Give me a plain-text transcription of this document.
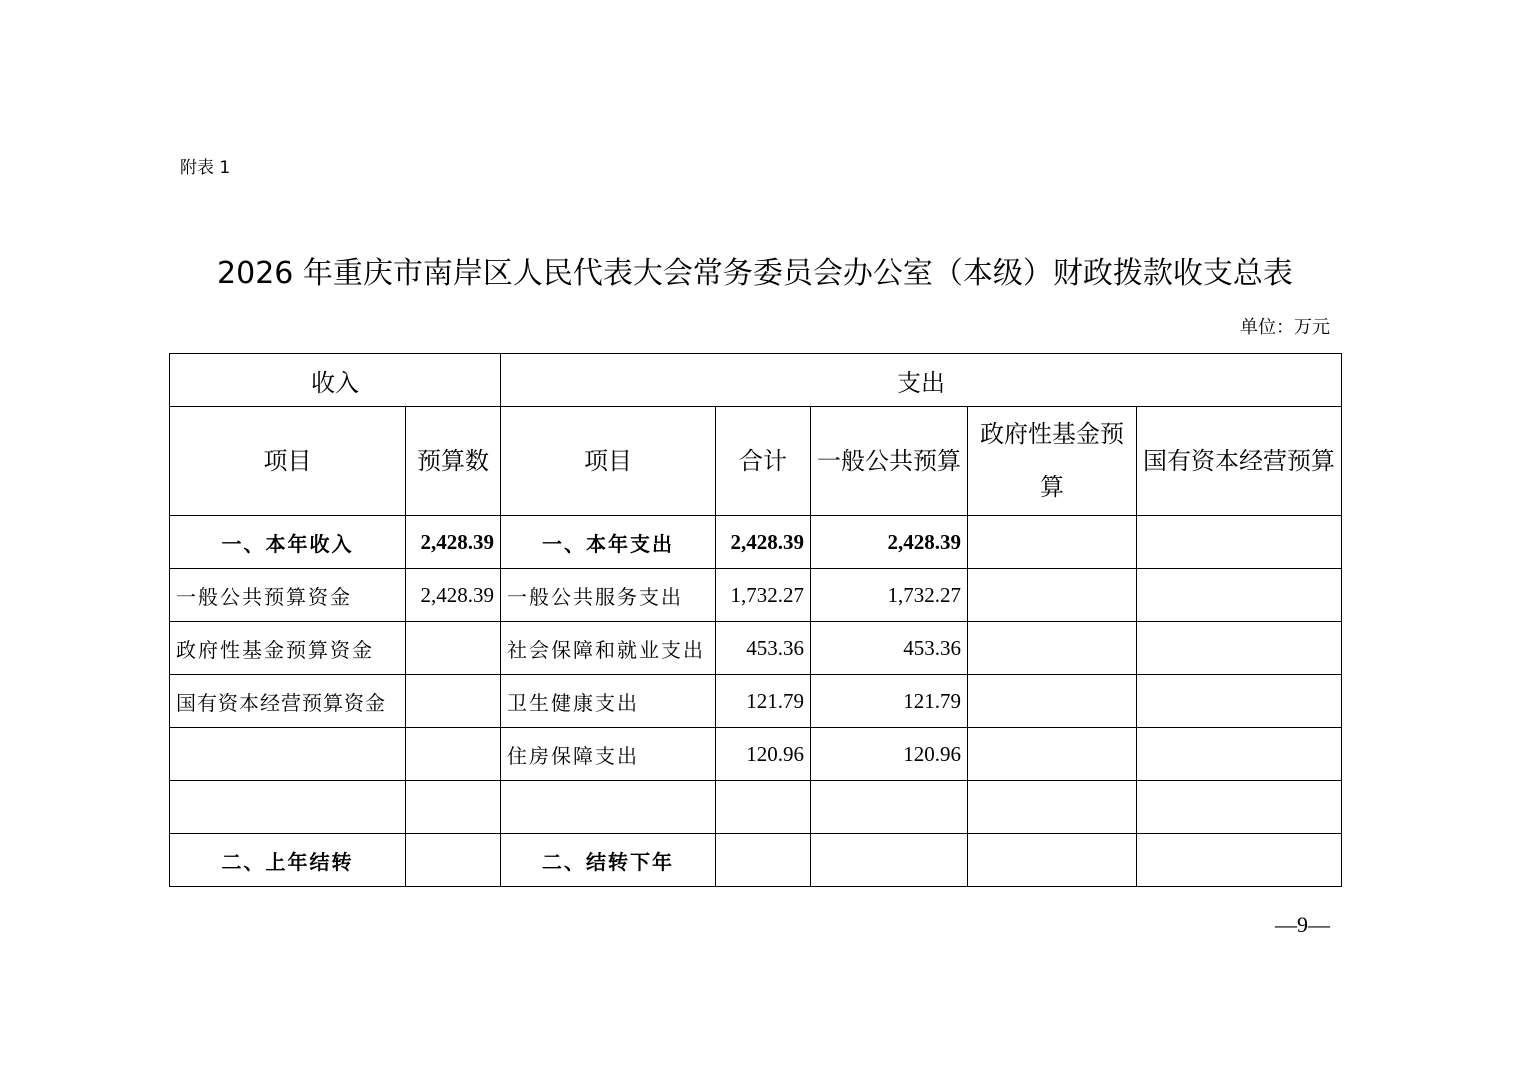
附表 1
2026 年重庆市南岸区人民代表大会常务委员会办公室（本级）财政拨款收支总表
单位：万元
收入		支出				
项目	预算数	项目	合计	一般公共预算	政府性基金预算	国有资本经营预算
一、本年收入	2,428.39	一、本年支出	2,428.39	2,428.39		
一般公共预算资金	2,428.39	一般公共服务支出	1,732.27	1,732.27		
政府性基金预算资金		社会保障和就业支出	453.36	453.36		
国有资本经营预算资金		卫生健康支出	121.79	121.79		
		住房保障支出	120.96	120.96		

二、上年结转		二、结转下年				
—9—
